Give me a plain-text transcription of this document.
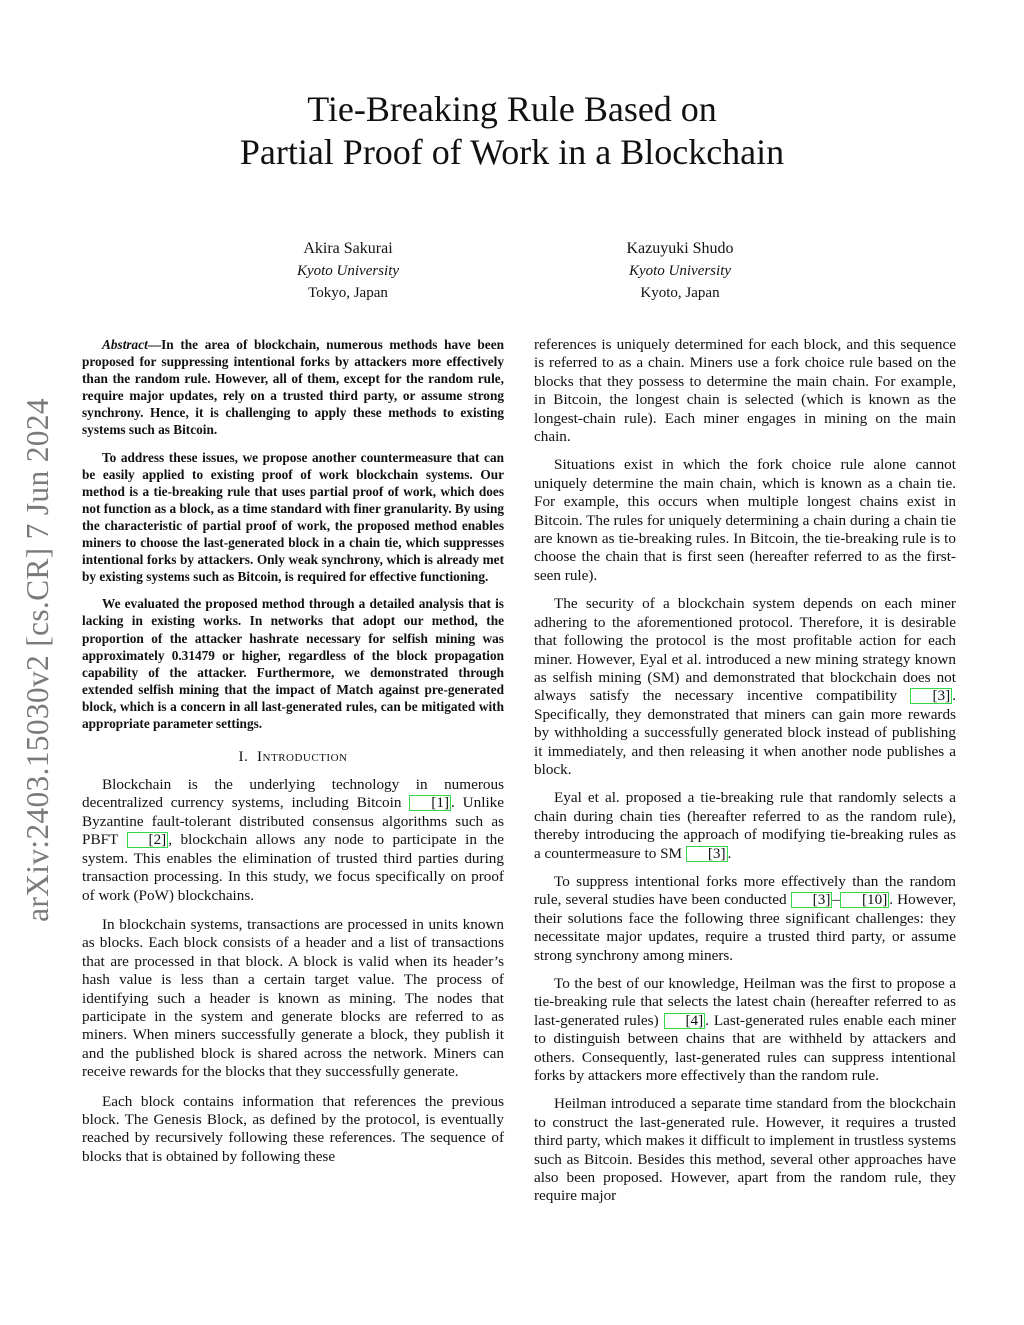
arXiv:2403.15030v2 [cs.CR] 7 Jun 2024
Tie-Breaking Rule Based on
Partial Proof of Work in a Blockchain
Akira Sakurai
Kyoto University
Tokyo, Japan
Kazuyuki Shudo
Kyoto University
Kyoto, Japan

Abstract—In the area of blockchain, numerous methods have been proposed for suppressing intentional forks by attackers more effectively than the random rule. However, all of them, except for the random rule, require major updates, rely on a trusted third party, or assume strong synchrony. Hence, it is challenging to apply these methods to existing systems such as Bitcoin.

To address these issues, we propose another countermeasure that can be easily applied to existing proof of work blockchain systems. Our method is a tie-breaking rule that uses partial proof of work, which does not function as a block, as a time standard with finer granularity. By using the characteristic of partial proof of work, the proposed method enables miners to choose the last-generated block in a chain tie, which suppresses intentional forks by attackers. Only weak synchrony, which is already met by existing systems such as Bitcoin, is required for effective functioning.

We evaluated the proposed method through a detailed analysis that is lacking in existing works. In networks that adopt our method, the proportion of the attacker hashrate necessary for selfish mining was approximately 0.31479 or higher, regardless of the block propagation capability of the attacker. Furthermore, we demonstrated through extended selfish mining that the impact of Match against pre-generated block, which is a concern in all last-generated rules, can be mitigated with appropriate parameter settings.

I. Introduction

Blockchain is the underlying technology in numerous decentralized currency systems, including Bitcoin [1] . Unlike Byzantine fault-tolerant distributed consensus algorithms such as PBFT [2] , blockchain allows any node to participate in the system. This enables the elimination of trusted third parties during transaction processing. In this study, we focus specifically on proof of work (PoW) blockchains.

In blockchain systems, transactions are processed in units known as blocks. Each block consists of a header and a list of transactions that are processed in that block. A block is valid when its header’s hash value is less than a certain target value. The process of identifying such a header is known as mining. The nodes that participate in the system and generate blocks are referred to as miners. When miners successfully generate a block, they publish it and the published block is shared across the network. Miners can receive rewards for the blocks that they successfully generate.

Each block contains information that references the previous block. The Genesis Block, as defined by the protocol, is eventually reached by recursively following these references. The sequence of blocks that is obtained by following these

references is uniquely determined for each block, and this sequence is referred to as a chain. Miners use a fork choice rule based on the blocks that they possess to determine the main chain. For example, in Bitcoin, the longest chain is selected (which is known as the longest-chain rule). Each miner engages in mining on the main chain.

Situations exist in which the fork choice rule alone cannot uniquely determine the main chain, which is known as a chain tie. For example, this occurs when multiple longest chains exist in Bitcoin. The rules for uniquely determining a chain during a chain tie are known as tie-breaking rules. In Bitcoin, the tie-breaking rule is to choose the chain that is first seen (hereafter referred to as the first-seen rule).

The security of a blockchain system depends on each miner adhering to the aforementioned protocol. Therefore, it is desirable that following the protocol is the most profitable action for each miner. However, Eyal et al. introduced a new mining strategy known as selfish mining (SM) and demonstrated that blockchain does not always satisfy the necessary incentive compatibility [3] . Specifically, they demonstrated that miners can gain more rewards by withholding a successfully generated block instead of publishing it immediately, and then releasing it when another node publishes a block.

Eyal et al. proposed a tie-breaking rule that randomly selects a chain during chain ties (hereafter referred to as the random rule), thereby introducing the approach of modifying tie-breaking rules as a countermeasure to SM [3] .

To suppress intentional forks more effectively than the random rule, several studies have been conducted [3] – [10] . However, their solutions face the following three significant challenges: they necessitate major updates, require a trusted third party, or assume strong synchrony among miners.

To the best of our knowledge, Heilman was the first to propose a tie-breaking rule that selects the latest chain (hereafter referred to as last-generated rules) [4] . Last-generated rules enable each miner to distinguish between chains that are withheld by attackers and others. Consequently, last-generated rules can suppress intentional forks by attackers more effectively than the random rule.

Heilman introduced a separate time standard from the blockchain to construct the last-generated rule. However, it requires a trusted third party, which makes it difficult to implement in trustless systems such as Bitcoin. Besides this method, several other approaches have also been proposed. However, apart from the random rule, they require major
